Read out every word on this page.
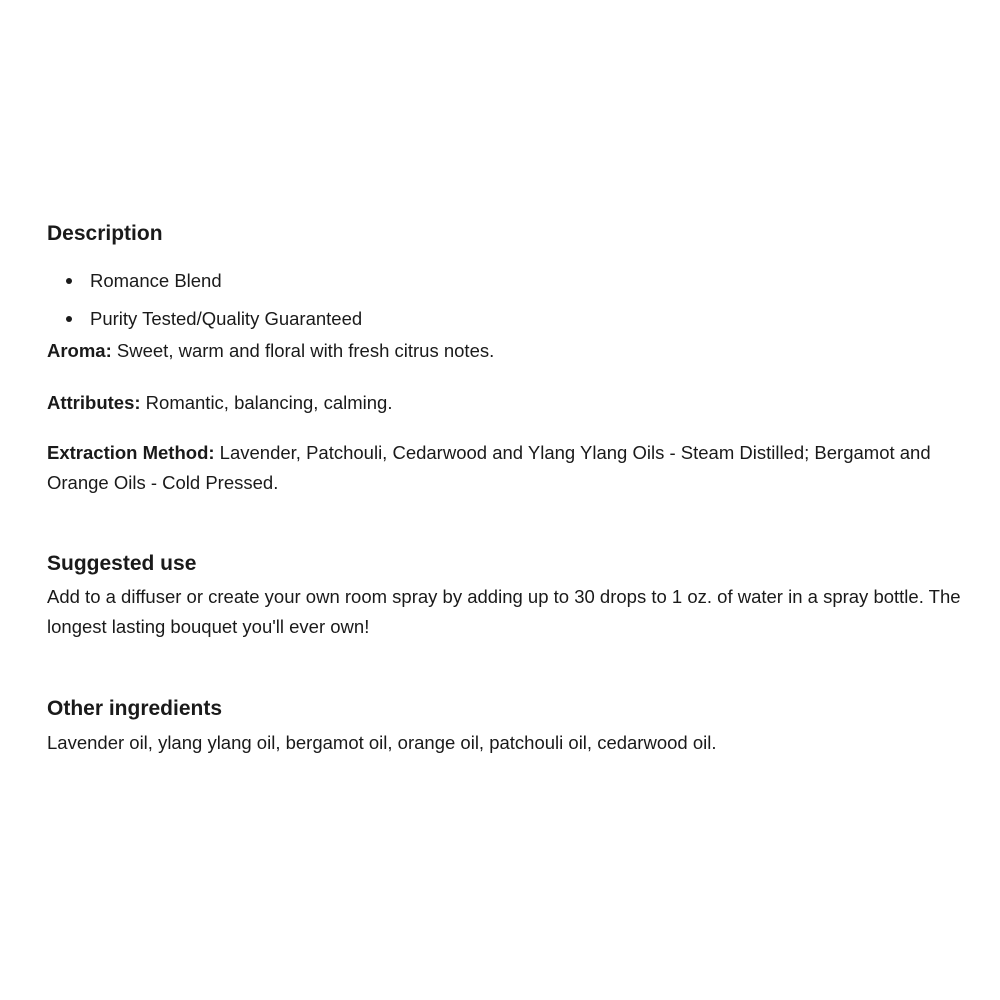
Description
Romance Blend
Purity Tested/Quality Guaranteed

Aroma: Sweet, warm and floral with fresh citrus notes.

Attributes: Romantic, balancing, calming.

Extraction Method: Lavender, Patchouli, Cedarwood and Ylang Ylang Oils - Steam Distilled; Bergamot and Orange Oils - Cold Pressed.

Suggested use

Add to a diffuser or create your own room spray by adding up to 30 drops to 1 oz. of water in a spray bottle. The longest lasting bouquet you'll ever own!

Other ingredients

Lavender oil, ylang ylang oil, bergamot oil, orange oil, patchouli oil, cedarwood oil.
